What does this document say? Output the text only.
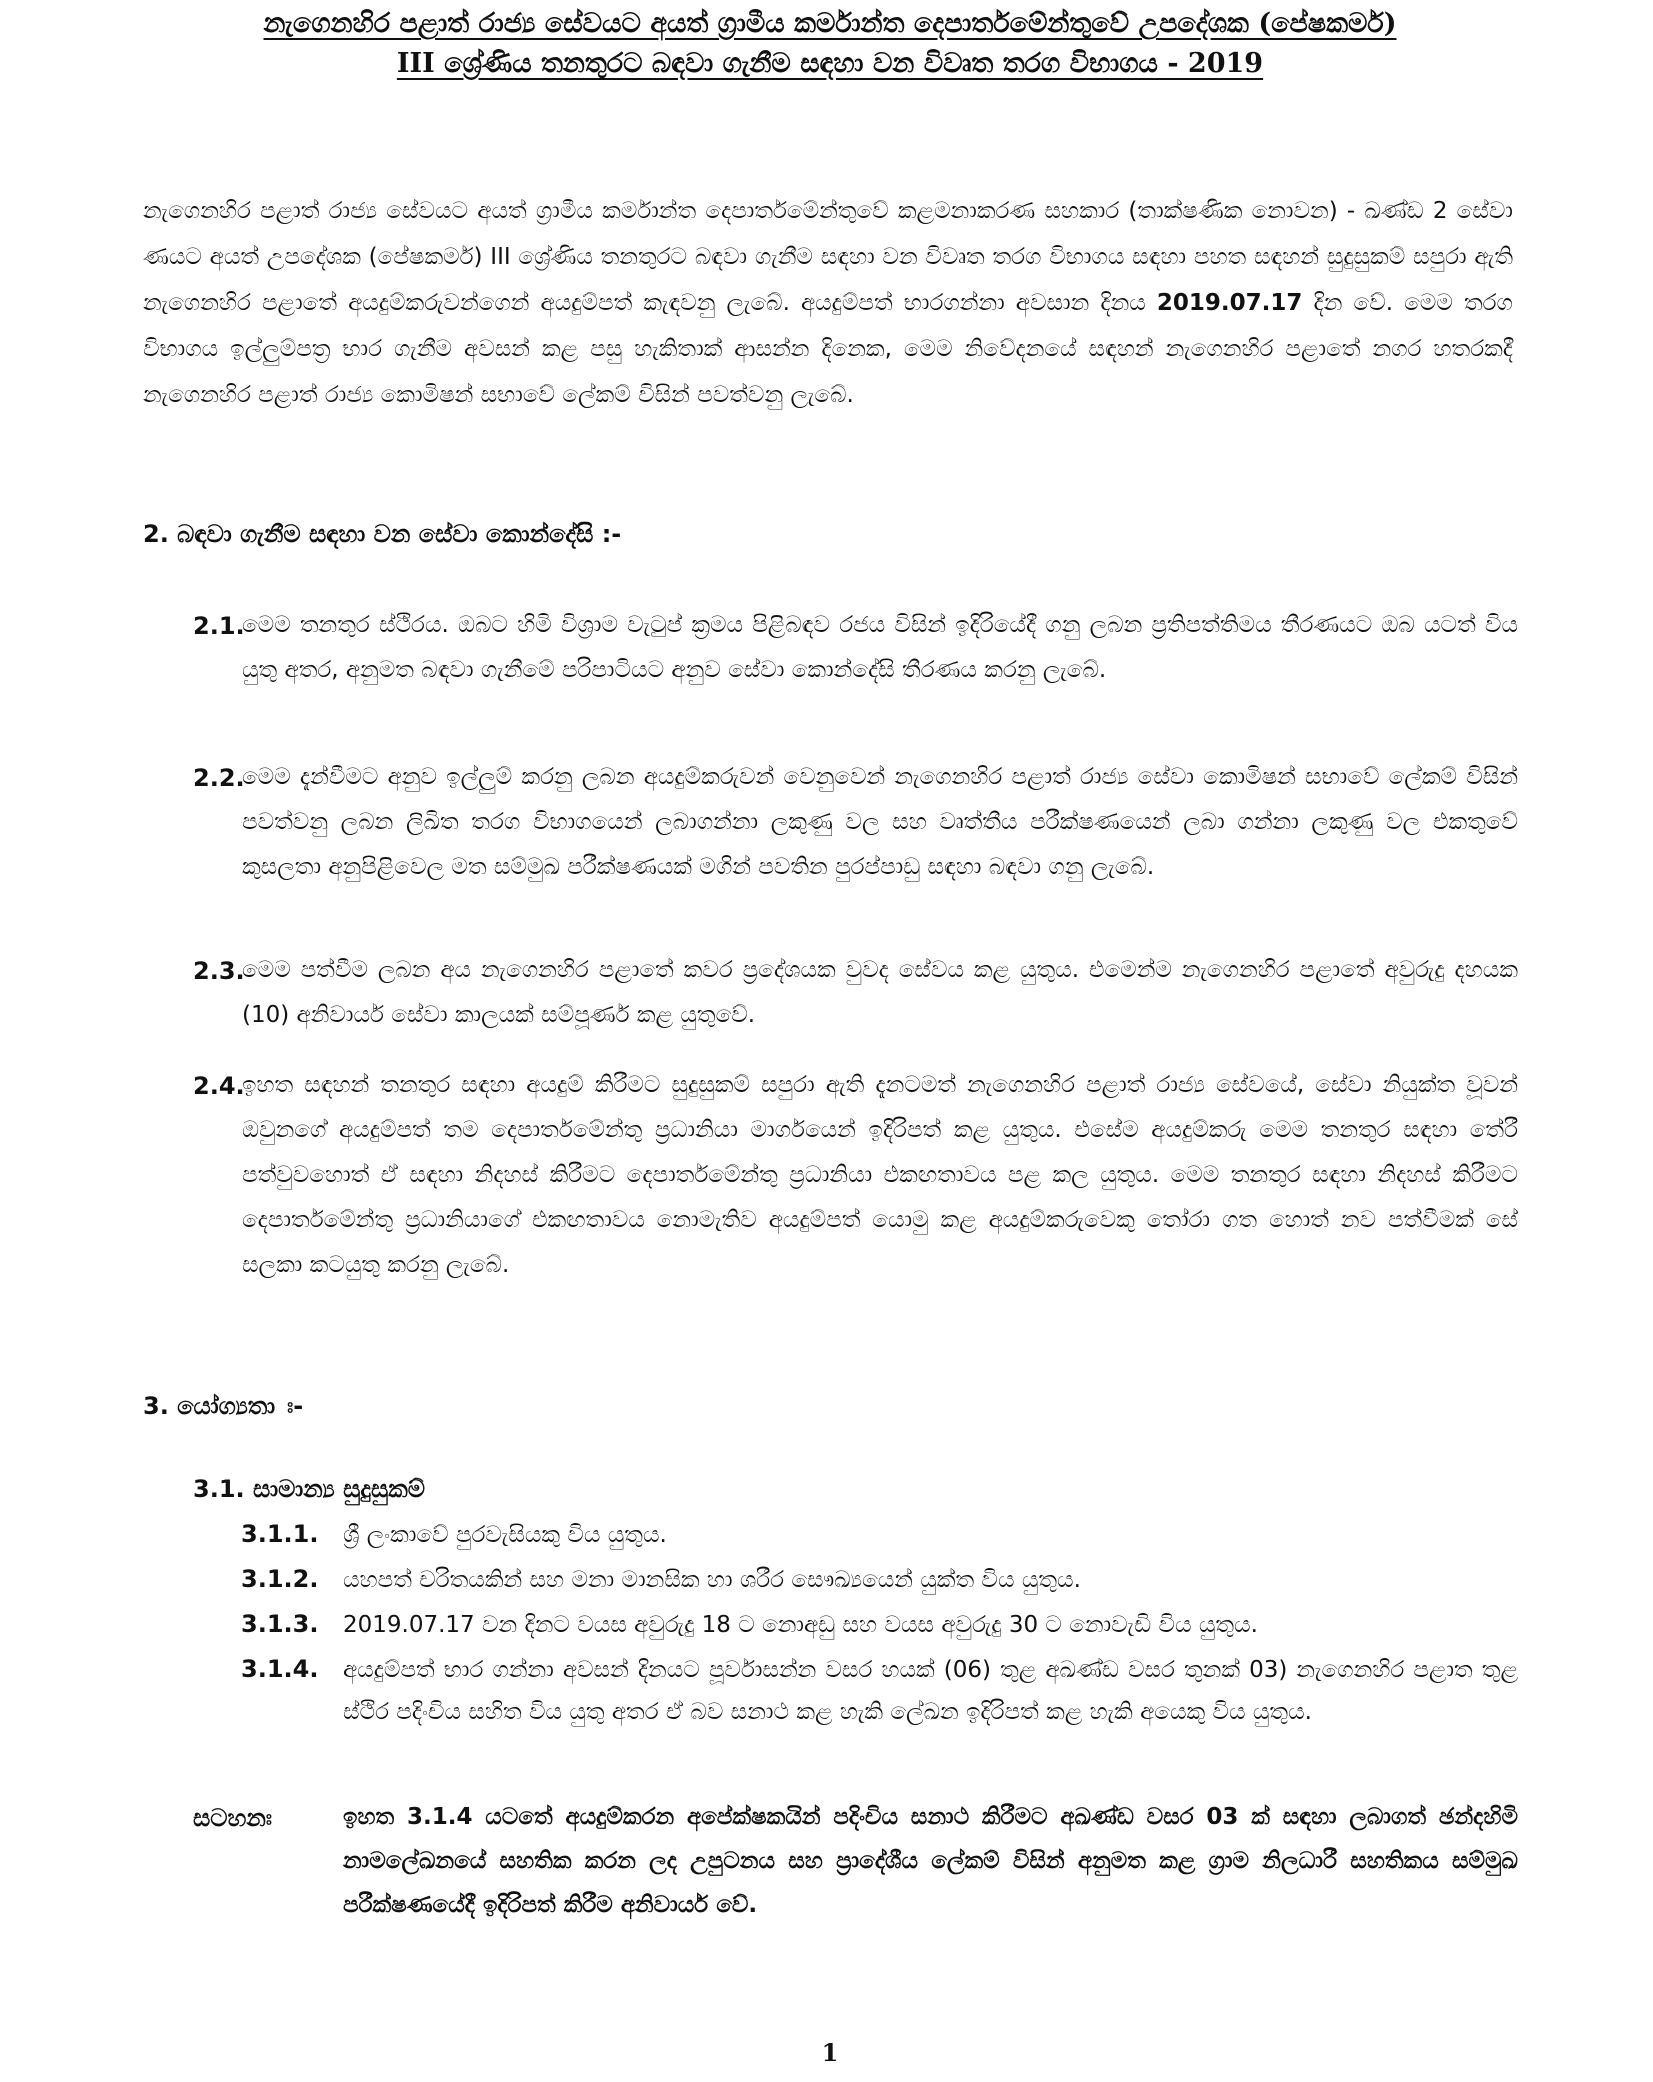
නැගෙනහිර පළාත් රාජ්‍ය සේවයට අයත් ග්‍රාමීය කර්මාන්ත දෙපාර්තමේන්තුවේ උපදේශක (පේෂකර්ම)
III ශ්‍රේණිය තනතුරට බඳවා ගැනීම සඳහා වන විවෘත තරග විභාගය - 2019
නැගෙනහිර පළාත් රාජ්‍ය සේවයට අයත් ග්‍රාමීය කර්මාන්ත දෙපාර්තමේන්තුවේ කළමනාකරණ සහකාර (තාක්ෂණික නොවන) - ඛණ්ඩ 2 සේවා ණයට අයත් උපදේශක (පේෂකර්ම) III ශ්‍රේණිය තනතුරට බඳවා ගැනීම සඳහා වන විවෘත තරග විභාගය සඳහා පහත සඳහන් සුදුසුකම් සපුරා ඇති නැගෙනහිර පළාතේ අයදුම්කරුවන්ගෙන් අයදුම්පත් කැඳවනු ලැබේ. අයදුම්පත් භාරගන්නා අවසාන දිනය 2019.07.17 දින වේ. මෙම තරග විභාගය ඉල්ලුම්පත්‍ර භාර ගැනීම අවසන් කළ පසු හැකිතාක් ආසන්න දිනෙක, මෙම නිවේදනයේ සඳහන් නැගෙනහිර පළාතේ නගර හතරකදී නැගෙනහිර පළාත් රාජ්‍ය කොමිෂන් සභාවේ ලේකම් විසින් පවත්වනු ලැබේ.
2. බඳවා ගැනීම සඳහා වන සේවා කොන්දේසි :-
2.1.
මෙම තනතුර ස්ථිරය. ඔබට හිමි විශ්‍රාම වැටුප් ක්‍රමය පිළිබඳව රජය විසින් ඉදිරියේදී ගනු ලබන ප්‍රතිපත්තිමය තීරණයට ඔබ යටත් විය යුතු අතර, අනුමත බඳවා ගැනීමේ පරිපාටියට අනුව සේවා කොන්දේසි තීරණය කරනු ලැබේ.
2.2.
මෙම දැන්වීමට අනුව ඉල්ලුම් කරනු ලබන අයදුම්කරුවන් වෙනුවෙන් නැගෙනහිර පළාත් රාජ්‍ය සේවා කොමිෂන් සභාවේ ලේකම් විසින් පවත්වනු ලබන ලිඛිත තරග විභාගයෙන් ලබාගන්නා ලකුණු වල සහ වෘත්තීය පරීක්ෂණයෙන් ලබා ගන්නා ලකුණු වල එකතුවේ කුසලතා අනුපිළිවෙල මත සම්මුඛ පරීක්ෂණයක් මගින් පවතින පුරප්පාඩු සඳහා බඳවා ගනු ලැබේ.
2.3.
මෙම පත්වීම ලබන අය නැගෙනහිර පළාතේ කවර ප්‍රදේශයක වුවද සේවය කළ යුතුය. එමෙන්ම නැගෙනහිර පළාතේ අවුරුදු දහයක (10) අනිවාර්ය සේවා කාලයක් සම්පූර්ණ කළ යුතුවේ.
2.4.
ඉහත සඳහන් තනතුර සඳහා අයදුම් කිරීමට සුදුසුකම් සපුරා ඇති දැනටමත් නැගෙනහිර පළාත් රාජ්‍ය සේවයේ, සේවා නියුක්ත වූවන් ඔවුනගේ අයදුම්පත් තම දෙපාර්තමේන්තු ප්‍රධානියා මාර්ගයෙන් ඉදිරිපත් කළ යුතුය. එසේම අයදුම්කරු මෙම තනතුර සඳහා තේරී පත්වුවහොත් ඒ සඳහා නිදහස් කිරීමට දෙපාර්තමේන්තු ප්‍රධානියා එකඟතාවය පළ කල යුතුය. මෙම තනතුර සඳහා නිදහස් කිරීමට දෙපාර්තමේන්තු ප්‍රධානියාගේ එකඟතාවය නොමැතිව අයදුම්පත් යොමු කළ අයදුම්කරුවෙකු තෝරා ගත හොත් නව පත්වීමක් සේ සලකා කටයුතු කරනු ලැබේ.
3. යෝග්‍යතා ඃ-
3.1. සාමාන්‍ය සුදුසුකම්
3.1.1. ශ්‍රී ලංකාවේ පුරවැසියකු විය යුතුය.
3.1.2. යහපත් චරිතයකින් සහ මනා මානසික හා ශරීර සෞඛ්‍යයෙන් යුක්ත විය යුතුය.
3.1.3. 2019.07.17 වන දිනට වයස අවුරුදු 18 ට නොඅඩු සහ වයස අවුරුදු 30 ට නොවැඩි විය යුතුය.
3.1.4. අයදුම්පත් භාර ගන්නා අවසන් දිනයට පූර්වාසන්න වසර හයක් (06) තුළ අඛණ්ඩ වසර තුනක් 03) නැගෙනහිර පළාත තුළ ස්ථිර පදිංචිය සහිත විය යුතු අතර ඒ බව සනාථ කළ හැකි ලේඛන ඉදිරිපත් කළ හැකි අයෙකු විය යුතුය.
සටහනඃ	ඉහත 3.1.4 යටතේ අයදුම්කරන අපේක්ෂකයින් පදිංචිය සනාථ කිරීමට අඛණ්ඩ වසර 03 ක් සඳහා ලබාගත් ඡන්දහිමි නාමලේඛනයේ සහතික කරන ලද උපුටනය සහ ප්‍රාදේශීය ලේකම් විසින් අනුමත කළ ග්‍රාම නිලධාරී සහතිකය සම්මුඛ පරීක්ෂණයේදී ඉදිරිපත් කිරීම අනිවාර්ය වේ.
1
